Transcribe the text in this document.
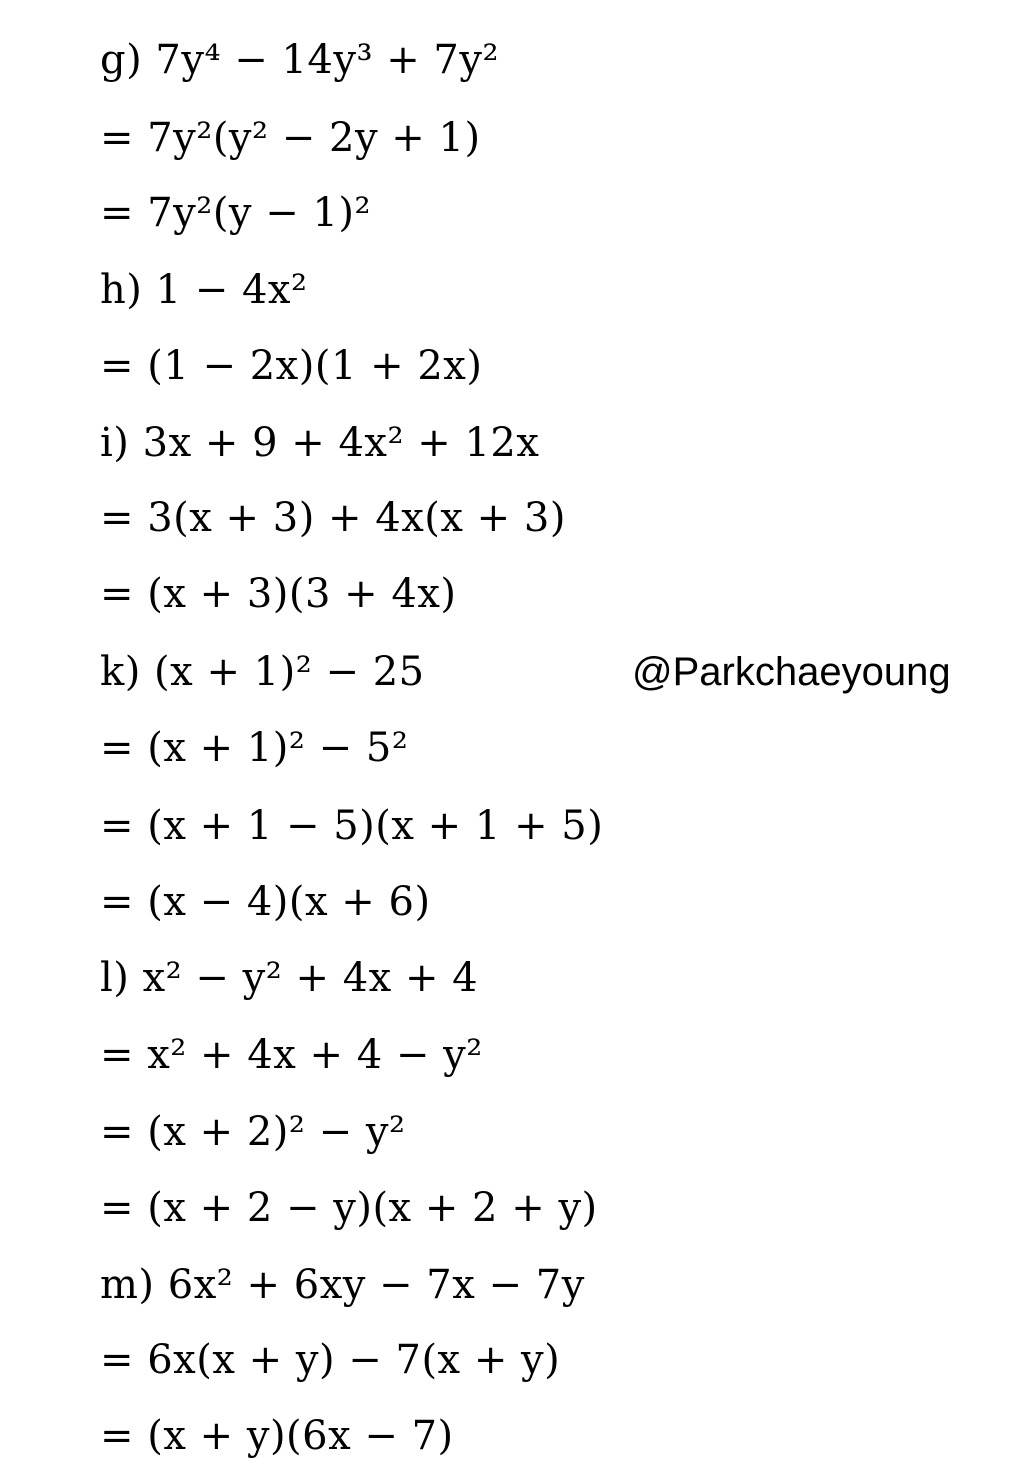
g) 7y⁴ − 14y³ + 7y²
= 7y²(y² − 2y + 1)
= 7y²(y − 1)²
h) 1 − 4x²
= (1 − 2x)(1 + 2x)
i) 3x + 9 + 4x² + 12x
= 3(x + 3) + 4x(x + 3)
= (x + 3)(3 + 4x)
k) (x + 1)² − 25
= (x + 1)² − 5²
= (x + 1 − 5)(x + 1 + 5)
= (x − 4)(x + 6)
l) x² − y² + 4x + 4
= x² + 4x + 4 − y²
= (x + 2)² − y²
= (x + 2 − y)(x + 2 + y)
m) 6x² + 6xy − 7x − 7y
= 6x(x + y) − 7(x + y)
= (x + y)(6x − 7)
@Parkchaeyoung
